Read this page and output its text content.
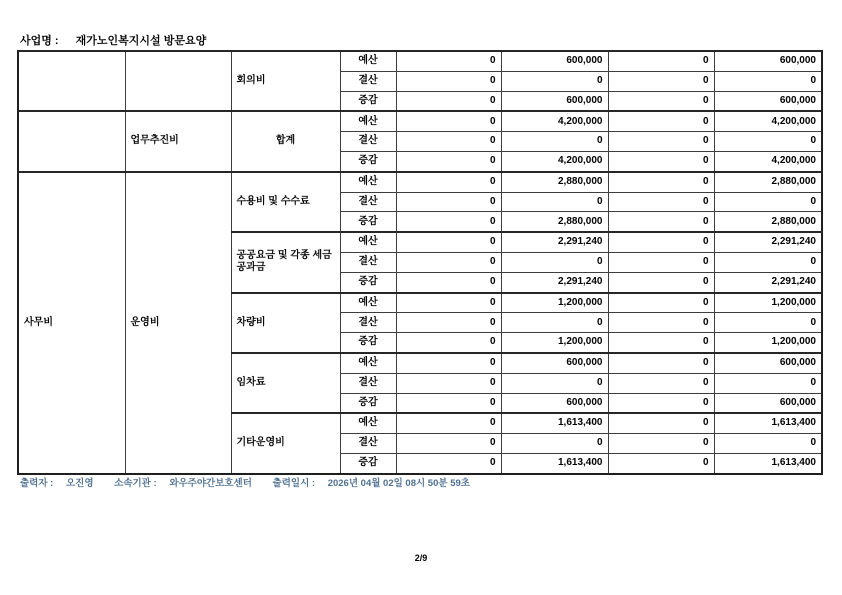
사업명 : 재가노인복지시설 방문요양
		회의비	예산	0	600,000	0	600,000
			결산	0	0	0	0
			증감	0	600,000	0	600,000
	업무추진비	합계	예산	0	4,200,000	0	4,200,000
			결산	0	0	0	0
			증감	0	4,200,000	0	4,200,000
사무비	운영비	수용비 및 수수료	예산	0	2,880,000	0	2,880,000
			결산	0	0	0	0
			증감	0	2,880,000	0	2,880,000
		공공요금 및 각종 세금 공과금	예산	0	2,291,240	0	2,291,240
			결산	0	0	0	0
			증감	0	2,291,240	0	2,291,240
		차량비	예산	0	1,200,000	0	1,200,000
			결산	0	0	0	0
			증감	0	1,200,000	0	1,200,000
		임차료	예산	0	600,000	0	600,000
			결산	0	0	0	0
			증감	0	600,000	0	600,000
		기타운영비	예산	0	1,613,400	0	1,613,400
			결산	0	0	0	0
			증감	0	1,613,400	0	1,613,400
출력자 : 오진영 소속기관 : 와우주야간보호센터 출력일시 : 2026년 04월 02일 08시 50분 59초
2/9
